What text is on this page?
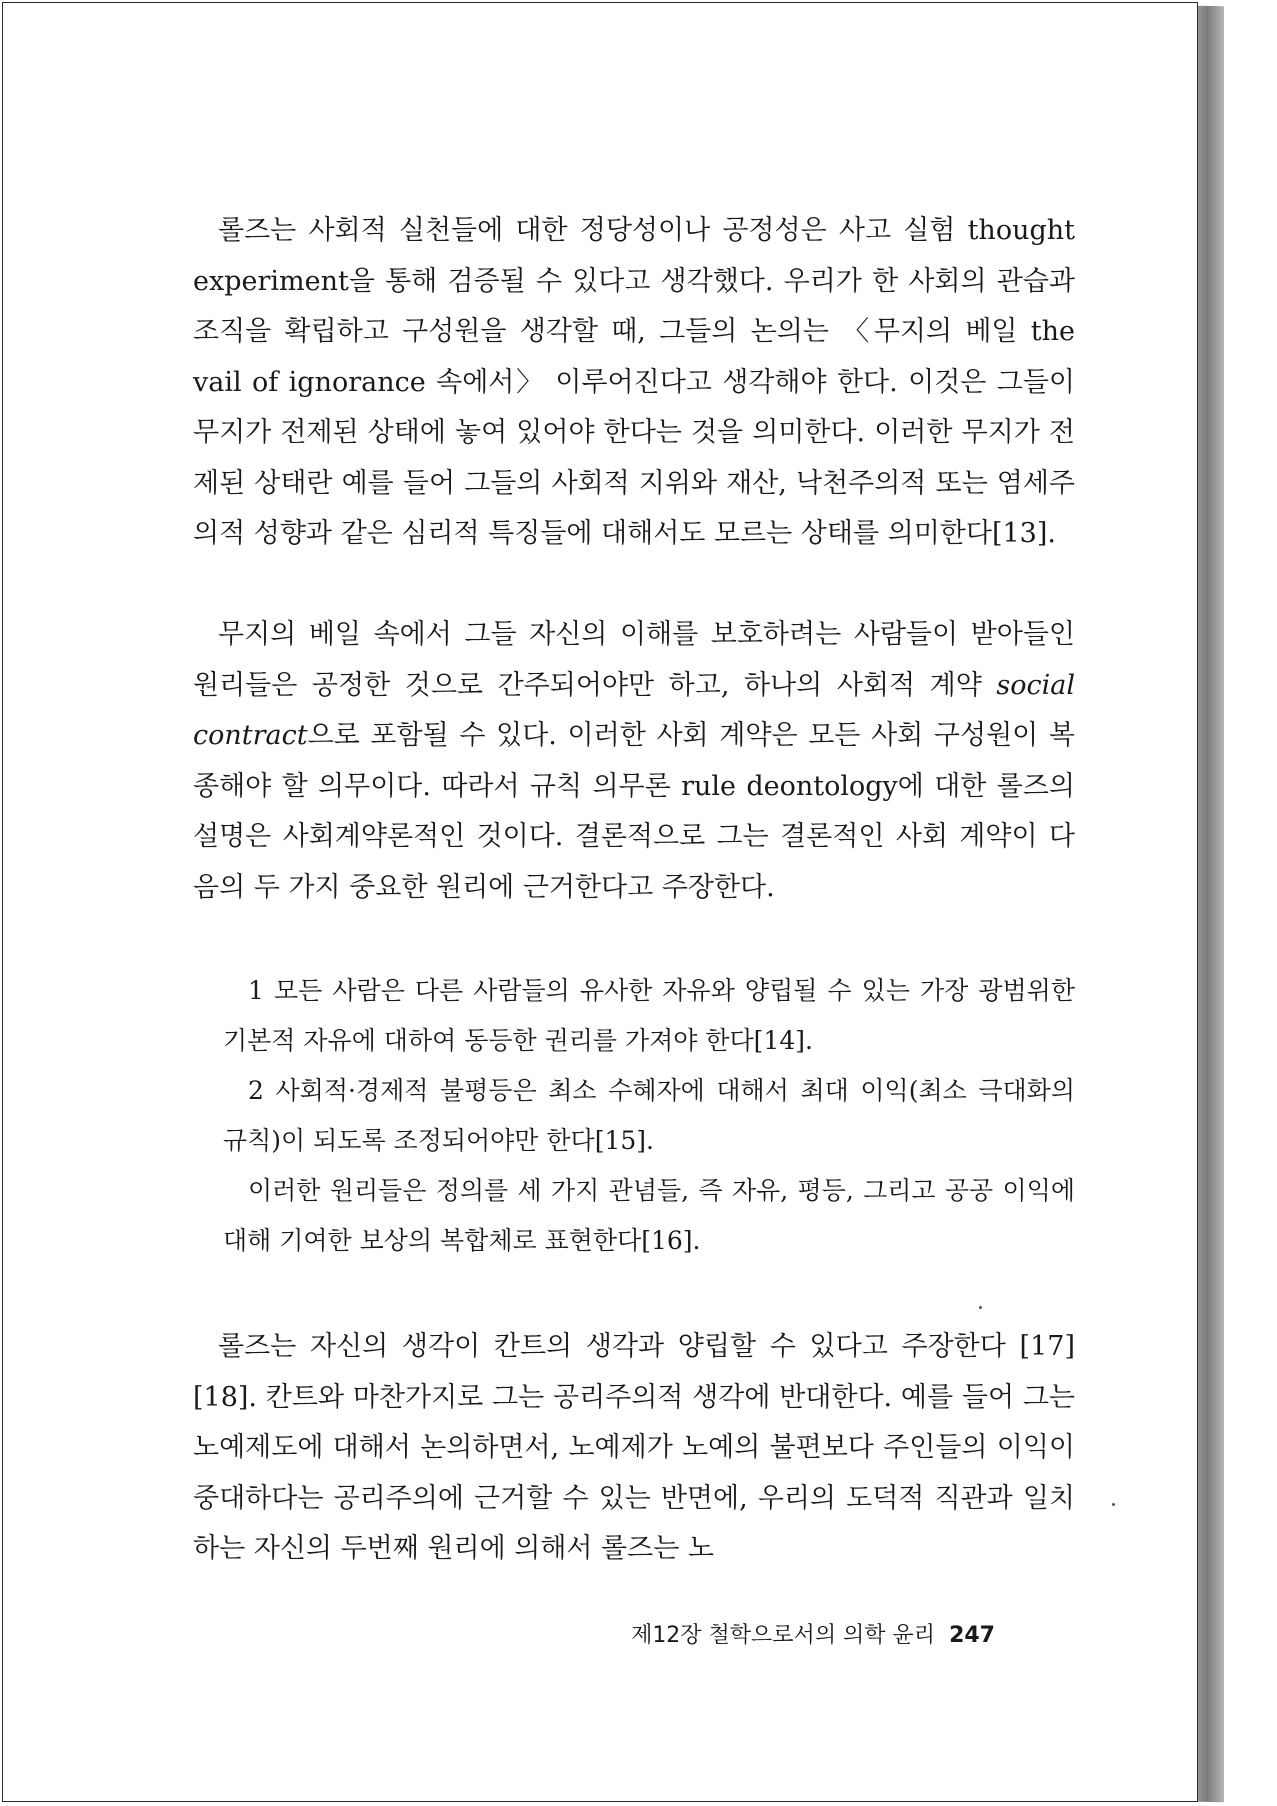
롤즈는 사회적 실천들에 대한 정당성이나 공정성은 사고 실험 thought experiment을 통해 검증될 수 있다고 생각했다. 우리가 한 사회의 관습과 조직을 확립하고 구성원을 생각할 때, 그들의 논의는 〈무지의 베일 the vail of ignorance 속에서〉 이루어진다고 생각해야 한다. 이것은 그들이 무지가 전제된 상태에 놓여 있어야 한다는 것을 의미한다. 이러한 무지가 전제된 상태란 예를 들어 그들의 사회적 지위와 재산, 낙천주의적 또는 염세주의적 성향과 같은 심리적 특징들에 대해서도 모르는 상태를 의미한다[13].

무지의 베일 속에서 그들 자신의 이해를 보호하려는 사람들이 받아들인 원리들은 공정한 것으로 간주되어야만 하고, 하나의 사회적 계약 social contract으로 포함될 수 있다. 이러한 사회 계약은 모든 사회 구성원이 복종해야 할 의무이다. 따라서 규칙 의무론 rule deontology에 대한 롤즈의 설명은 사회계약론적인 것이다. 결론적으로 그는 결론적인 사회 계약이 다음의 두 가지 중요한 원리에 근거한다고 주장한다.

1 모든 사람은 다른 사람들의 유사한 자유와 양립될 수 있는 가장 광범위한 기본적 자유에 대하여 동등한 권리를 가져야 한다[14].

2 사회적·경제적 불평등은 최소 수혜자에 대해서 최대 이익(최소 극대화의 규칙)이 되도록 조정되어야만 한다[15].

이러한 원리들은 정의를 세 가지 관념들, 즉 자유, 평등, 그리고 공공 이익에 대해 기여한 보상의 복합체로 표현한다[16].

롤즈는 자신의 생각이 칸트의 생각과 양립할 수 있다고 주장한다 [17][18]. 칸트와 마찬가지로 그는 공리주의적 생각에 반대한다. 예를 들어 그는 노예제도에 대해서 논의하면서, 노예제가 노예의 불편보다 주인들의 이익이 중대하다는 공리주의에 근거할 수 있는 반면에, 우리의 도덕적 직관과 일치하는 자신의 두번째 원리에 의해서 롤즈는 노

제12장 철학으로서의 의학 윤리 247
